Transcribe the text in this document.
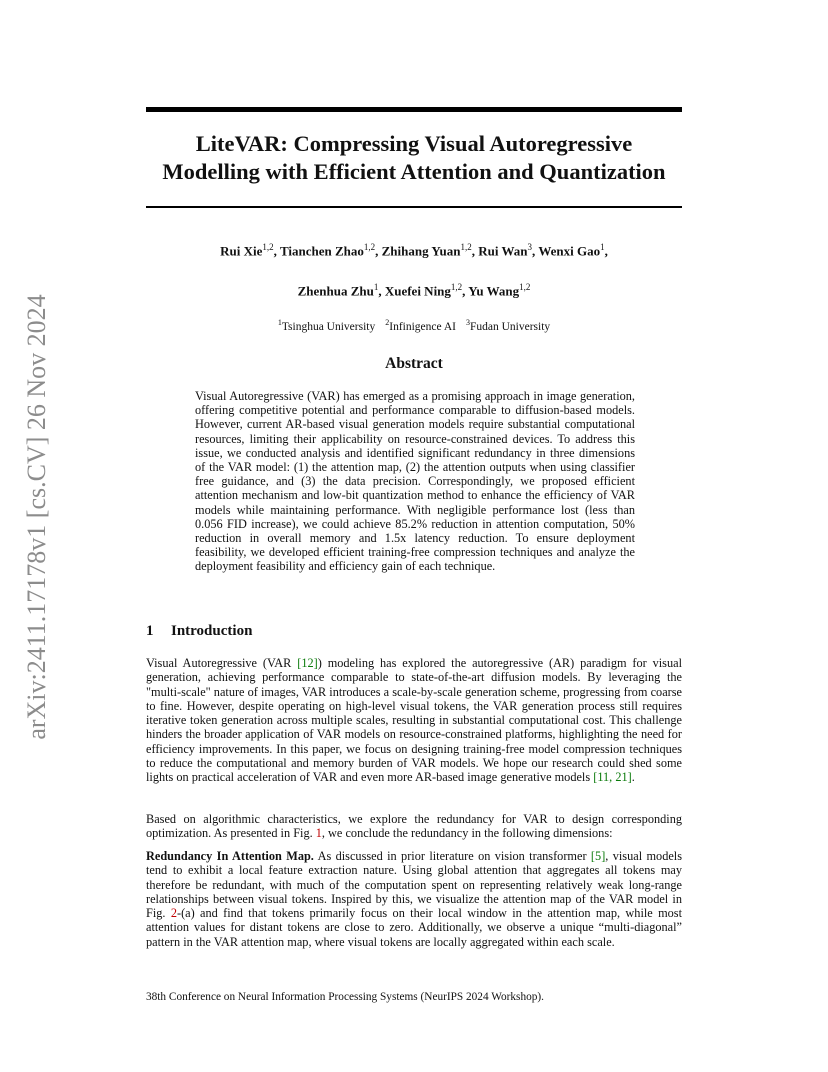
arXiv:2411.17178v1 [cs.CV] 26 Nov 2024
LiteVAR: Compressing Visual Autoregressive
Modelling with Efficient Attention and Quantization
Rui Xie$^{1,2}$, Tianchen Zhao$^{1,2}$, Zhihang Yuan$^{1,2}$, Rui Wan$^3$, Wenxi Gao$^1$,
Zhenhua Zhu$^1$, Xuefei Ning$^{1,2}$, Yu Wang$^{1,2}$
$^1$Tsinghua University $^2$Infinigence AI $^3$Fudan University
Abstract
Visual Autoregressive (VAR) has emerged as a promising approach in image generation, offering competitive potential and performance comparable to diffusion-based models. However, current AR-based visual generation models require substantial computational resources, limiting their applicability on resource-constrained devices. To address this issue, we conducted analysis and identified significant redundancy in three dimensions of the VAR model: (1) the attention map, (2) the attention outputs when using classifier free guidance, and (3) the data precision. Correspondingly, we proposed efficient attention mechanism and low-bit quantization method to enhance the efficiency of VAR models while maintaining performance. With negligible performance lost (less than 0.056 FID increase), we could achieve 85.2% reduction in attention computation, 50% reduction in overall memory and 1.5x latency reduction. To ensure deployment feasibility, we developed efficient training-free compression techniques and analyze the deployment feasibility and efficiency gain of each technique.
1 Introduction
Visual Autoregressive (VAR [12]) modeling has explored the autoregressive (AR) paradigm for visual generation, achieving performance comparable to state-of-the-art diffusion models. By leveraging the "multi-scale" nature of images, VAR introduces a scale-by-scale generation scheme, progressing from coarse to fine. However, despite operating on high-level visual tokens, the VAR generation process still requires iterative token generation across multiple scales, resulting in substantial computational cost. This challenge hinders the broader application of VAR models on resource-constrained platforms, highlighting the need for efficiency improvements. In this paper, we focus on designing training-free model compression techniques to reduce the computational and memory burden of VAR models. We hope our research could shed some lights on practical acceleration of VAR and even more AR-based image generative models [11, 21].
Based on algorithmic characteristics, we explore the redundancy for VAR to design corresponding optimization. As presented in Fig. 1, we conclude the redundancy in the following dimensions:
Redundancy In Attention Map. As discussed in prior literature on vision transformer [5], visual models tend to exhibit a local feature extraction nature. Using global attention that aggregates all tokens may therefore be redundant, with much of the computation spent on representing relatively weak long-range relationships between visual tokens. Inspired by this, we visualize the attention map of the VAR model in Fig. 2-(a) and find that tokens primarily focus on their local window in the attention map, while most attention values for distant tokens are close to zero. Additionally, we observe a unique “multi-diagonal” pattern in the VAR attention map, where visual tokens are locally aggregated within each scale.
38th Conference on Neural Information Processing Systems (NeurIPS 2024 Workshop).
